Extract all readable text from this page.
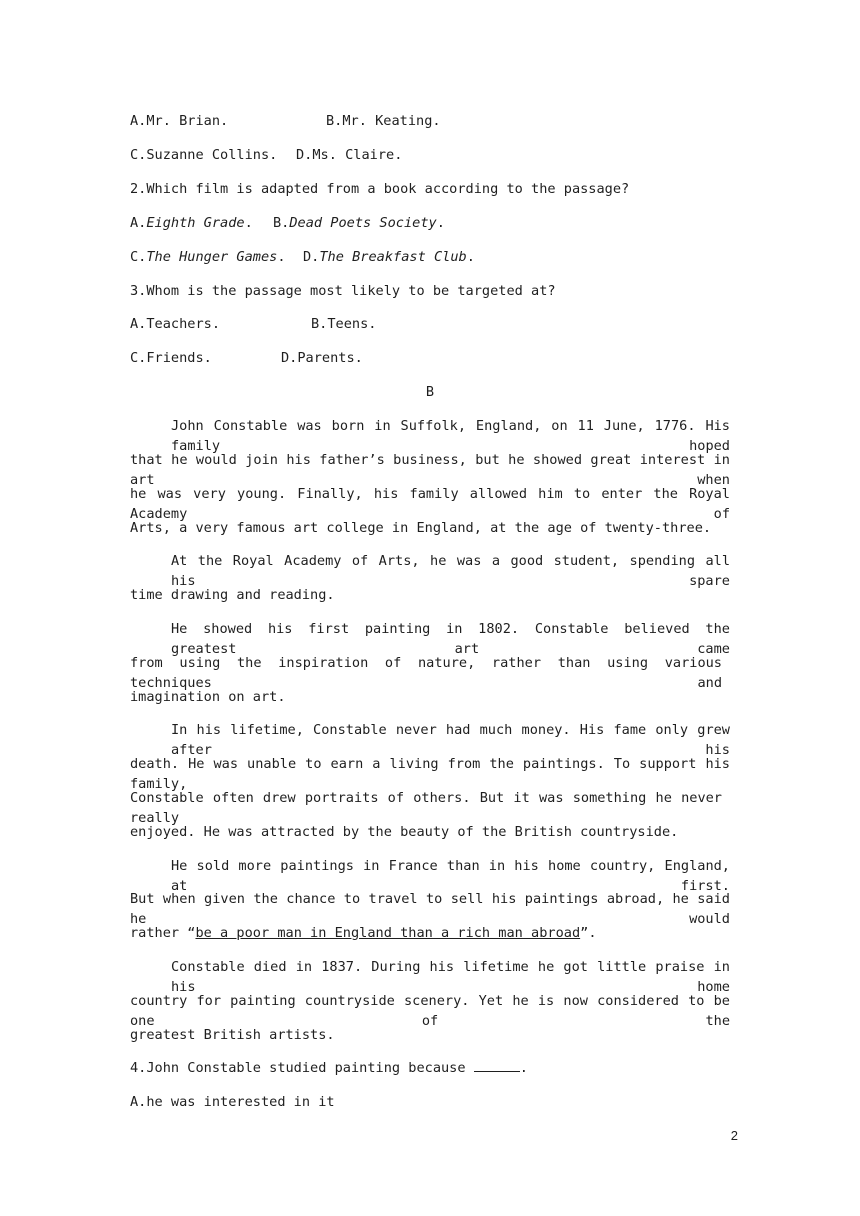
A.Mr. Brian.	B.Mr. Keating.
C.Suzanne Collins. D.Ms. Claire.
2.Which film is adapted from a book according to the passage?
A.Eighth Grade. B.Dead Poets Society.
C.The Hunger Games. D.The Breakfast Club.
3.Whom is the passage most likely to be targeted at?
A.Teachers.	B.Teens.
C.Friends.	D.Parents.
B
John Constable was born in Suffolk, England, on 11 June, 1776. His family hoped
that he would join his father’s business, but he showed great interest in art when
he was very young. Finally, his family allowed him to enter the Royal Academy of
Arts, a very famous art college in England, at the age of twenty-three.
At the Royal Academy of Arts, he was a good student, spending all his spare
time drawing and reading.
He showed his first painting in 1802. Constable believed the greatest art came
from using the inspiration of nature, rather than using various techniques and
imagination on art.
In his lifetime, Constable never had much money. His fame only grew after his
death. He was unable to earn a living from the paintings. To support his family,
Constable often drew portraits of others. But it was something he never really
enjoyed. He was attracted by the beauty of the British countryside.
He sold more paintings in France than in his home country, England, at first.
But when given the chance to travel to sell his paintings abroad, he said he would
rather “be a poor man in England than a rich man abroad”.
Constable died in 1837. During his lifetime he got little praise in his home
country for painting countryside scenery. Yet he is now considered to be one of the
greatest British artists.
4.John Constable studied painting because	.
A.he was interested in it
2
